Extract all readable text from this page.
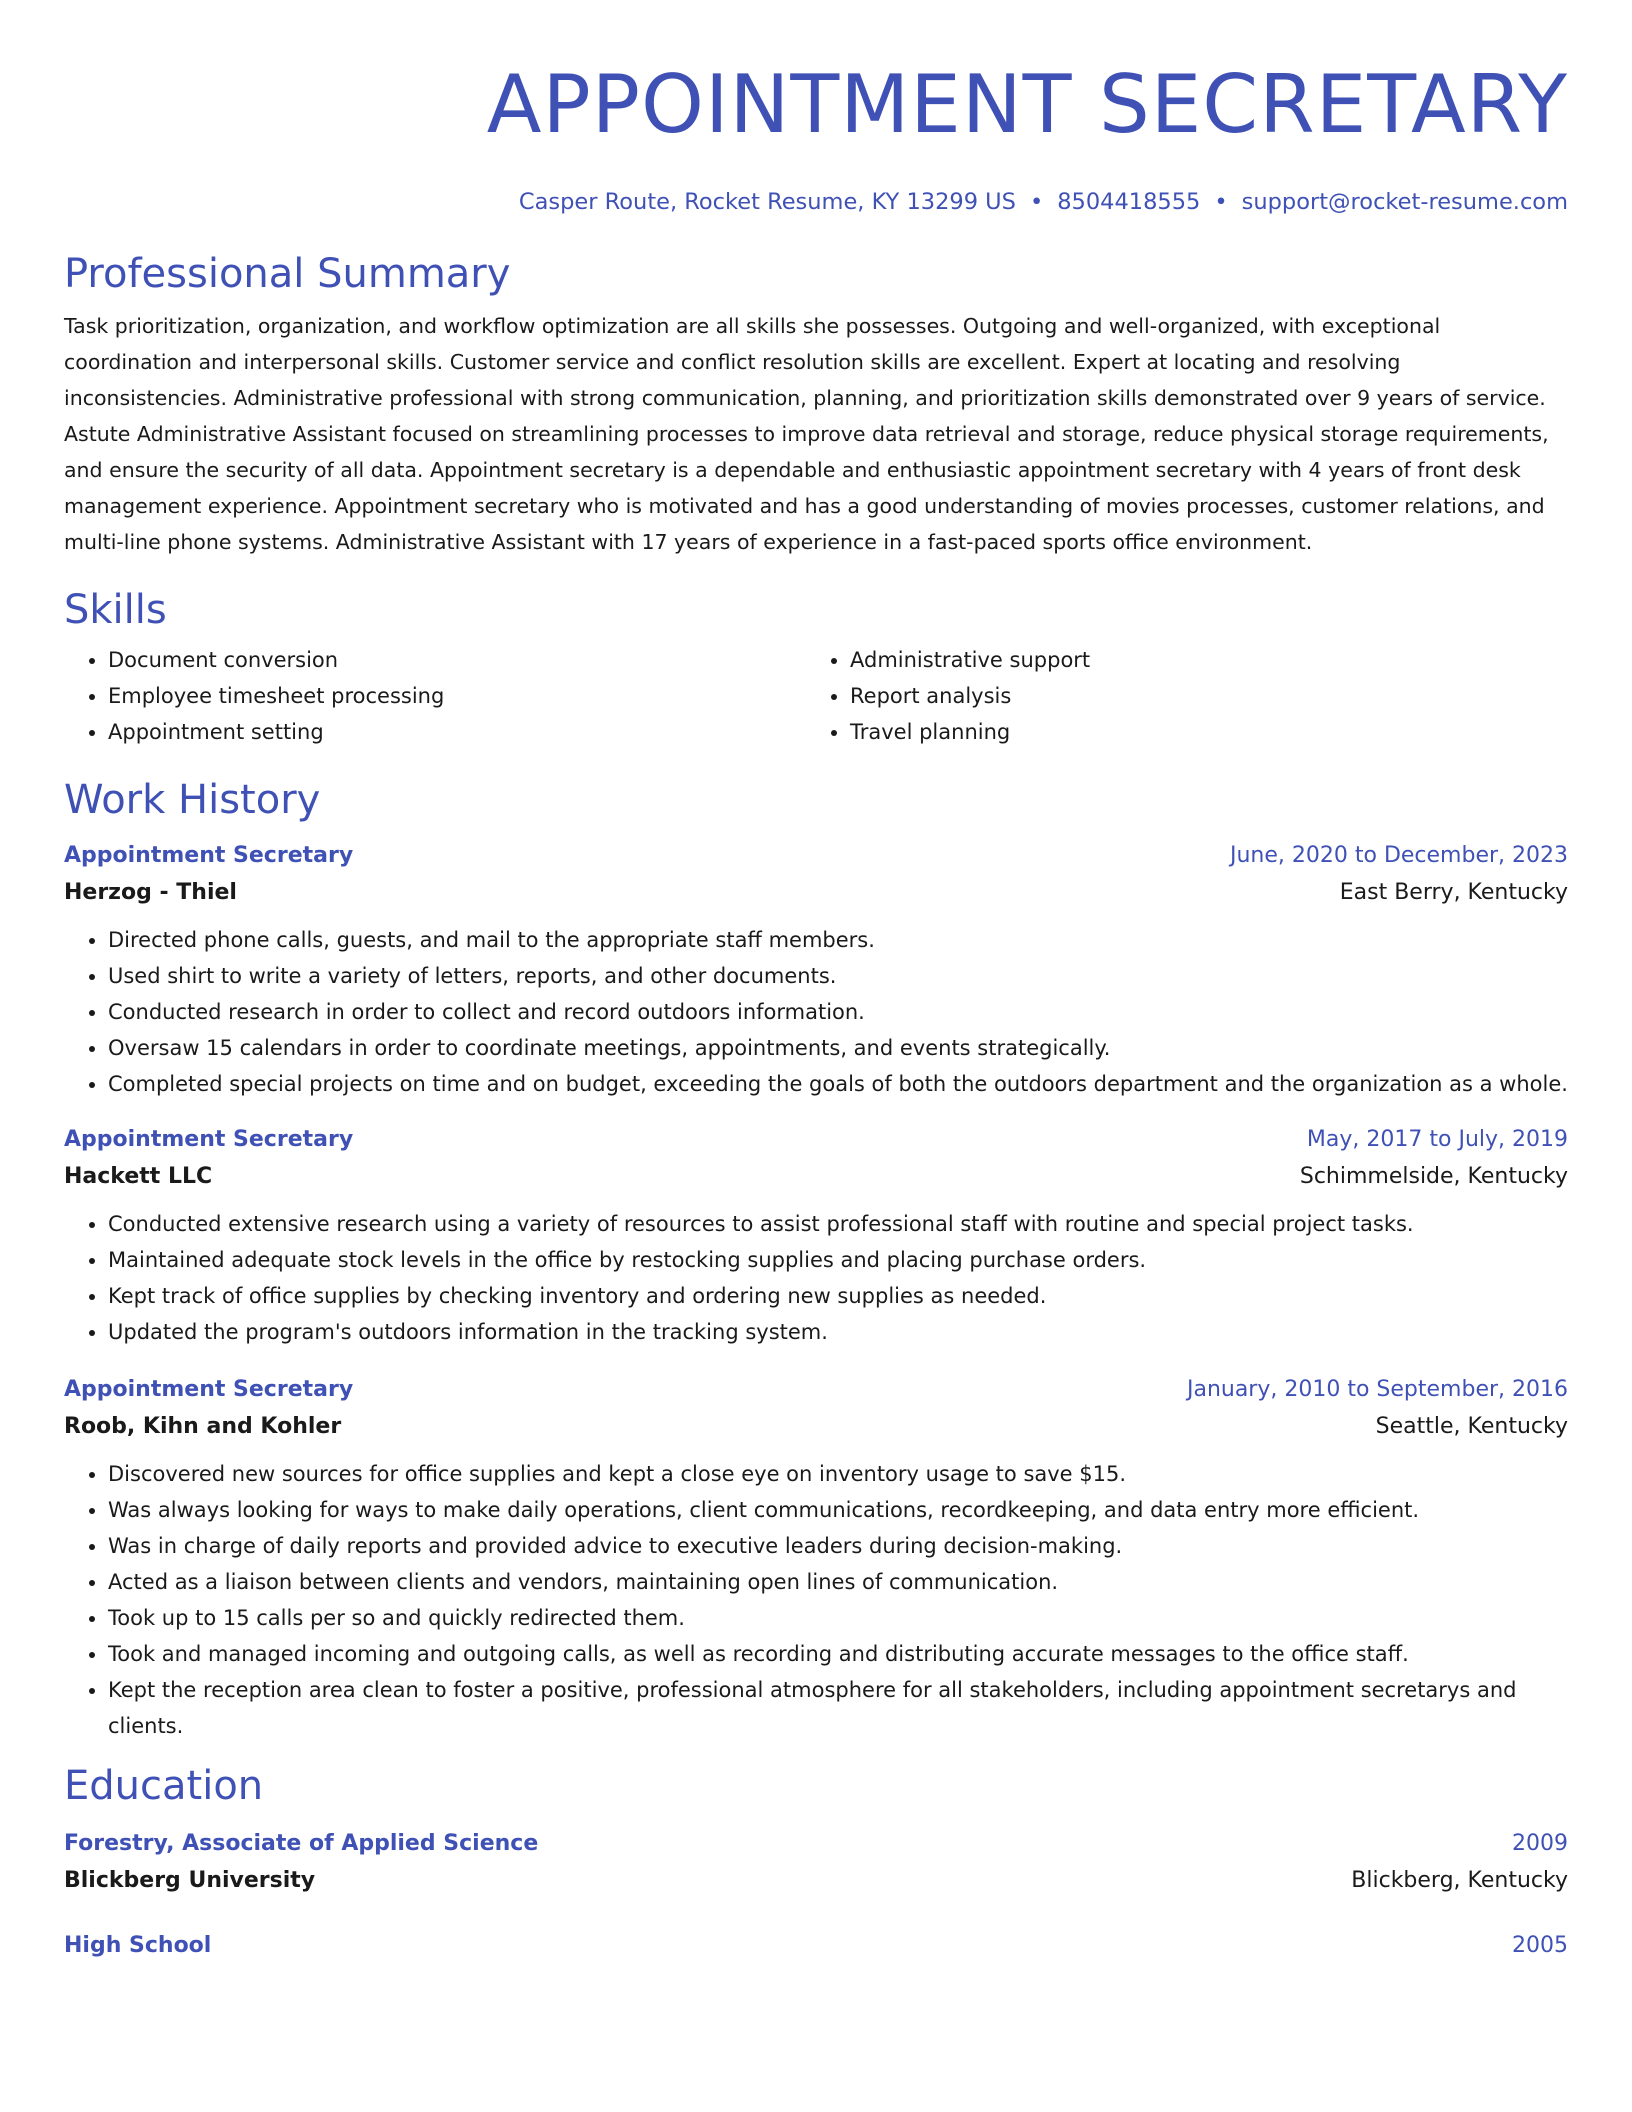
APPOINTMENT SECRETARY
Casper Route, Rocket Resume, KY 13299 US • 8504418555 • support@rocket-resume.com
Professional Summary
Task prioritization, organization, and workflow optimization are all skills she possesses. Outgoing and well-organized, with exceptional coordination and interpersonal skills. Customer service and conflict resolution skills are excellent. Expert at locating and resolving inconsistencies. Administrative professional with strong communication, planning, and prioritization skills demonstrated over 9 years of service. Astute Administrative Assistant focused on streamlining processes to improve data retrieval and storage, reduce physical storage requirements, and ensure the security of all data. Appointment secretary is a dependable and enthusiastic appointment secretary with 4 years of front desk management experience. Appointment secretary who is motivated and has a good understanding of movies processes, customer relations, and multi-line phone systems. Administrative Assistant with 17 years of experience in a fast-paced sports office environment.
Skills
• Document conversion
• Employee timesheet processing
• Appointment setting
• Administrative support
• Report analysis
• Travel planning
Work History
Appointment Secretary	June, 2020 to December, 2023
Herzog - Thiel	East Berry, Kentucky
• Directed phone calls, guests, and mail to the appropriate staff members.
• Used shirt to write a variety of letters, reports, and other documents.
• Conducted research in order to collect and record outdoors information.
• Oversaw 15 calendars in order to coordinate meetings, appointments, and events strategically.
• Completed special projects on time and on budget, exceeding the goals of both the outdoors department and the organization as a whole.
Appointment Secretary	May, 2017 to July, 2019
Hackett LLC	Schimmelside, Kentucky
• Conducted extensive research using a variety of resources to assist professional staff with routine and special project tasks.
• Maintained adequate stock levels in the office by restocking supplies and placing purchase orders.
• Kept track of office supplies by checking inventory and ordering new supplies as needed.
• Updated the program's outdoors information in the tracking system.
Appointment Secretary	January, 2010 to September, 2016
Roob, Kihn and Kohler	Seattle, Kentucky
• Discovered new sources for office supplies and kept a close eye on inventory usage to save $15.
• Was always looking for ways to make daily operations, client communications, recordkeeping, and data entry more efficient.
• Was in charge of daily reports and provided advice to executive leaders during decision-making.
• Acted as a liaison between clients and vendors, maintaining open lines of communication.
• Took up to 15 calls per so and quickly redirected them.
• Took and managed incoming and outgoing calls, as well as recording and distributing accurate messages to the office staff.
• Kept the reception area clean to foster a positive, professional atmosphere for all stakeholders, including appointment secretarys and clients.
Education
Forestry, Associate of Applied Science	2009
Blickberg University	Blickberg, Kentucky
High School	2005
